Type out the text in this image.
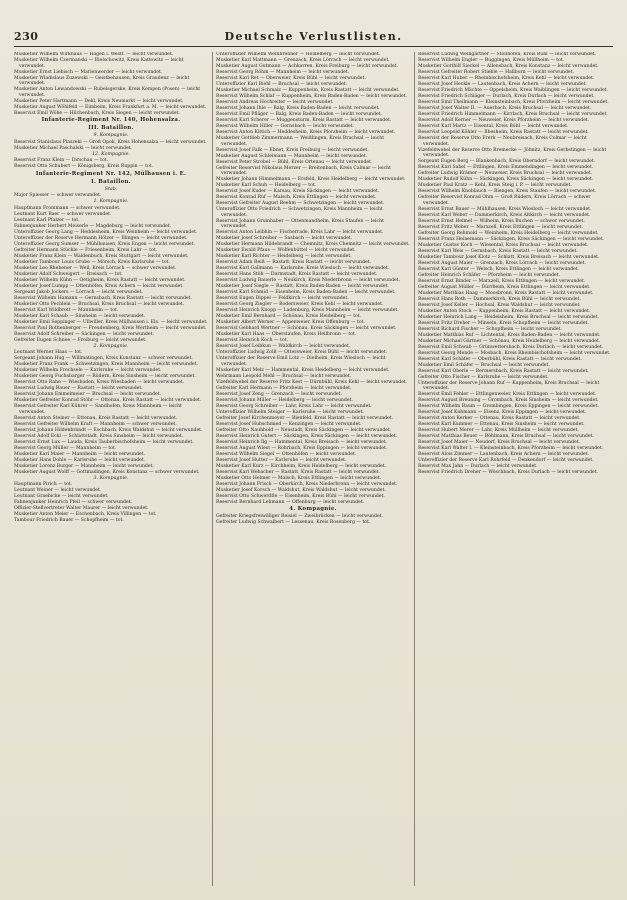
230	Deutsche Verlustlisten.
Musketier Wilhelm Wirkhaus — Hagen i. Westf. — leicht verwundet.
Musketier Wilhelm Czermanski — Bielschowitz, Kreis Kattowitz — leicht verwundet.
Musketier Ernst Liebisch — Marienwerder — leicht verwundet.
Musketier Wladislaus Zuzewski — Geistbehausen, Kreis Graudenz — leicht verwundet.
Musketier Anton Lewandowski — Rubelsgerske, Kreis Kempen (Posen) — leicht verwundet.
Musketier Peter Hartmann — Dekl, Kreis Neumarkt — leicht verwundet.
Musketier August Wöhlfeld — Eimbeim, Kreis Frankfurt a. M. — leicht verwundet.
Reservist Emil Wöhe — Hilchenbach, Kreis Siegen — leicht verwundet.
Infanterie-Regiment Nr. 140, Hohensalza.
III. Bataillon.
9. Kompagnie.
Reservist Stanislaus Plaszeki — Groß Opok, Kreis Hohensalza — leicht verwundet.
Musketier Michael Paschalski — leicht verwundet.
12. Kompagnie.
Reservist Franz Klein — Dirschau — tot.
Reservist Otto Schubert — Königsberg, Kreis Ruppin — tot.
Infanterie-Regiment Nr. 142, Mülhausen i. E.
I. Bataillon.
Stab.
Major Spiesser — schwer verwundet.
1. Kompagnie.
Hauptmann Frommann — schwer verwundet.
Leutnant Kurt Baer — schwer verwundet.
Leutnant Karl Pfalzer — tot.
Fahnenjunker Herbert Meiserle — Magdeburg — leicht verwundet.
Unteroffizier Georg Lang — Heddesheim, Kreis Weinheim — leicht verwundet.
Unteroffizier der Reserve Hermann Hölzer — Illingen — leicht verwundet.
Unteroffizier Georg Sumser — Mühlhausen, Kreis Engen — leicht verwundet.
Gefreiter Hermann Stückle — Friesenheim, Kreis Lahr — tot.
Musketier Franz Klein — Waldenbuch, Kreis Stuttgart — leicht verwundet.
Musketier Tambour Louis Grube — Mörsch, Kreis Karlsruhe — tot.
Musketier Leo Rhebener — Weil, Kreis Lörrach — schwer verwundet.
Musketier Adolf Schweigert — Breisach — tot.
Musketier Wilhelm Kühn — Oetigheim, Kreis Rastatt — leicht verwundet.
Musketier Josef Lumpp — Ottenhöfen, Kreis Achern — leicht verwundet.
Sergeant Jakob Jockers — Lörrach — leicht verwundet.
Reservist Wilhelm Hamann — Gernsbach, Kreis Rastatt — leicht verwundet.
Musketier Otto Pechlein — Bruchsal, Kreis Bruchsal — leicht verwundet.
Reservist Karl Wildbrett — Mannheim — tot.
Musketier Karl Schaub — Sinsheim — leicht verwundet.
Musketier Emil Seppinger — Ullwiller, Kreis Mülhausen i. Els. — leicht verwundet.
Reservist Paul Rothenberger — Freudenberg, Kreis Wertheim — leicht verwundet.
Reservist Adolf Schreiber — Säckingen — leicht verwundet.
Gefreiter Eugen Schnee — Freiburg — leicht verwundet.
2. Kompagnie.
Leutnant Werner Haas — tot.
Sergeant Johann Hug — Willmatingen, Kreis Konstanz — schwer verwundet.
Musketier Franz Frank — Schwetzingen, Kreis Mannheim — leicht verwundet.
Musketier Wilhelm Frechsele — Karlsruhe — leicht verwundet.
Musketier Georg Fuchsbarger — Rüdern, Kreis Sinsheim — leicht verwundet.
Reservist Otto Rahe — Wiesbaden, Kreis Wiesbaden — leicht verwundet.
Reservist Ludwig Bauer — Rastatt — leicht verwundet.
Reservist Johann Emmelmeier — Bruchsal — leicht verwundet.
Musketier Gefreiter Konrad Stöhr — Ottenau, Kreis Rastatt — leicht verwundet.
Reservist Gefreiter Karl Kührer — Sandhofen, Kreis Mannheim — leicht verwundet.
Reservist Anton Steiner — Ettenau, Kreis Rastatt — leicht verwundet.
Reservist Gefreiter Wilhelm Kraft — Mannheim — schwer verwundet.
Reservist Johann Hildenbrandt — Eschbach, Kreis Waldshut — leicht verwundet.
Reservist Adolf Eckl — Schlattstadt, Kreis Sinsheim — leicht verwundet.
Reservist Ernst Lux — Lauda, Kreis Tauberbischofsheim — leicht verwundet.
Reservist Georg Müller — Mannheim — tot.
Musketier Karl Maier — Mannheim — leicht verwundet.
Musketier Hans Dohle — Karlsruhe — leicht verwundet.
Musketier Lorenz Burger — Mannheim — leicht verwundet.
Musketier August Wolff — Gottmadingen, Kreis Konstanz — schwer verwundet.
3. Kompagnie.
Hauptmann Pirich — tot.
Leutnant Weiner — leicht verwundet.
Leutnant Graebicke — leicht verwundet.
Fahnenjunker Heinrich Pfeil — schwer verwundet.
Offizier-Stellvertreter Walter Maurer — leicht verwundet.
Musketier Anton Meier — Eschenbach, Kreis Villingen — tot.
Tambour Friedrich Bauer — Schopfheim — tot.
Unteroffizier Wilhelm Weinbrenner — Heidelberg — leicht verwundet.
Musketier Karl Mattmann — Grenzach, Kreis Lörrach — leicht verwundet.
Musketier August Gutmann — Achkarren, Kreis Freiburg — leicht verwundet.
Reservist Georg Röhm — Mannheim — leicht verwundet.
Reservist Karl Ret — Oberweier, Kreis Bühl — leicht verwundet.
Unteroffizier Karl Biehl — Bruchsal — leicht verwundet.
Musketier Michael Schmalz — Kuppenheim, Kreis Rastatt — leicht verwundet.
Reservist Wilhelm Schlaf — Kuppenheim, Kreis Baden-Baden — leicht verwundet.
Reservist Andreas Hochreiter — leicht verwundet.
Reservist Johann Ihle — Balg, Kreis Baden-Baden — leicht verwundet.
Reservist Emil Pfläger — Balg, Kreis Baden-Baden — leicht verwundet.
Reservist Karl Scherer — Muggensturm, Kreis Rastatt — leicht verwundet.
Reservist Wilhelm Hiller — Gernsbach — leicht verwundet.
Reservist Anton Kittich — Heddesheim, Kreis Pforzheim — leicht verwundet.
Musketier Gottlieb Zimmermann — Weißlingen, Kreis Bruchsal — leicht verwundet.
Reservist Josef Falk — Ebnet, Kreis Freiburg — leicht verwundet.
Musketier August Schleimann — Mannheim — leicht verwundet.
Reservist Peter Strobel — Bühl, Kreis Ortenau — leicht verwundet.
Gefreiter Reservist Nikolaus Merzer — Breitenbach, Kreis Calmar — leicht verwundet.
Musketier Johann Himmelmann — Ersfeld, Kreis Heidelberg — leicht verwundet.
Musketier Karl Schuh — Heidelberg — tot.
Reservist Josef Kuder — Karsau, Kreis Säckingen — leicht verwundet.
Reservist Konrad Ruf — Malsch, Kreis Ettlingen — leicht verwundet.
Reservist Gefreiter August Beehm — Schwetzingen — leicht verwundet.
Unteroffizier Otto Friedrich — Schwetzingen, Kreis Mannheim — leicht verwundet.
Reservist Johann Grumhaber — Ottenmandhelm, Kreis Staufen — leicht verwundet.
Reservist Anton Leibhin — Fischerrade, Kreis Lahr — leicht verwundet.
Musketier Josef Schreiber — Sasbach — leicht verwundet.
Musketier Hermann Hildebrandt — Chemnitz, Kreis Chemnitz — leicht verwundet.
Musketier Ewald Pfaus — Wolfenbüttel — leicht verwundet.
Musketier Karl Richter — Heidelberg — leicht verwundet.
Reservist Adam Reiß — Rastatt, Kreis Rastatt — leicht verwundet.
Reservist Karl Gallmann — Karlsruhe, Kreis Wiesloch — leicht verwundet.
Reservist Hans Stöh — Darmstadt, Kreis Rastatt — leicht verwundet.
Reservist Ludwig Bauerle — Neukirch, Kreis Niederbronn — leicht verwundet.
Musketier Josef Siegle — Rastatt, Kreis Baden-Baden — leicht verwundet.
Reservist Karl Schmid — Eisenheim, Kreis Baden-Baden — leicht verwundet.
Reservist Eugen Dippel — Feldkirch — leicht verwundet.
Reservist Georg Ziegler — Bodersweier, Kreis Kehl — leicht verwundet.
Reservist Heinrich Knopp — Ladenburg, Kreis Mannheim — leicht verwundet.
Musketier Emil Bernhard — Schönau, Kreis Heidelberg — tot.
Musketier Albert Werner — Appenweier, Kreis Offenburg — tot.
Reservist Gebhard Wertner — Schönau, Kreis Säckingen — leicht verwundet.
Musketier Karl Haas — Oberstaufen, Kreis Heilbronn — tot.
Reservist Heinrich Koch — tot.
Reservist Josef Leibkun — Waldkirch — leicht verwundet.
Unteroffizier Ludwig Zolß — Ottersweier, Kreis Bühl — leicht verwundet.
Unteroffizier der Reserve Emil Lotz — Dielheim, Kreis Wiesloch — leicht verwundet.
Musketier Karl Melz — Hammental, Kreis Heidelberg — leicht verwundet.
Wehrmann Leopold Mehl — Bruchsal — leicht verwundet.
Vizefeldwebel der Reserve Fritz Kest — Dürnbühl, Kreis Kehl — leicht verwundet.
Gefreiter Karl Hermann — Pforzheim — leicht verwundet.
Reservist Josef Zeng — Grenzach — leicht verwundet.
Reservist Johann Miller — Heidelberg — leicht verwundet.
Reservist Georg Schreiber — Lahr, Kreis Lahr — leicht verwundet.
Unteroffizier Wilhelm Steiger — Karlsruhe — leicht verwundet.
Gefreiter Josef Kirchenmeyer — Bienfeld, Kreis Rastatt — leicht verwundet.
Reservist Josef Hubschmied — Kenzingen — leicht verwundet.
Gefreiter Otto Nauhhold — Neustadt, Kreis Säckingen — leicht verwundet.
Reservist Heinrich Gutert — Säckingen, Kreis Säckingen — leicht verwundet.
Reservist Heinrich Ilg — Hammental, Kreis Breisach — leicht verwundet.
Reservist August Wiest — Rohrbach, Kreis Eppingen — leicht verwundet.
Reservist Wilhelm Siegel — Ottenhöfen — leicht verwundet.
Reservist Josef Hutter — Karlsruhe — leicht verwundet.
Musketier Karl Kurz — Kirchheim, Kreis Heidelberg — leicht verwundet.
Reservist Karl Webacher — Rastatt, Kreis Rastatt — leicht verwundet.
Musketier Otto Helmer — Malsch, Kreis Ettlingen — leicht verwundet.
Reservist Johann Frisch — Oberkirch, Kreis Niederbronn — leicht verwundet.
Musketier Josef Korsch — Waldshut, Kreis Waldshut — leicht verwundet.
Reservist Otto Schwerdtle — Eisenheim, Kreis Bühl — leicht verwundet.
Reservist Bernhard Lehmann — Offenburg — leicht verwundet.
4. Kompagnie.
Gefreiter Kriegsfreiwilliger Reisiel — Zweibrücken — leicht verwundet.
Gefreiter Ludwig Schwalbert — Lessenau, Kreis Rosenberg — tot.
Reservist Ludwig Weingärtner — Stollhofen, Kreis Bühl — leicht verwundet.
Reservist Wilhelm Engler — Buggingen, Kreis Müllheim — tot.
Musketier Gotthilf Sieckel — Allensbach, Kreis Konstanz — leicht verwundet.
Reservist Gefreiter Robert Stieble — Hallborn — leicht verwundet.
Reservist Karl Huber — Rheinbischofsheim, Kreis Kehl — leicht verwundet.
Reservist Josef Heckle — Lautenbach, Kreis Achern — leicht verwundet.
Reservist Friedrich Mächte — Oppelsheim, Kreis Waiblingen — leicht verwundet.
Reservist Friedrich Schläger — Durlach, Kreis Durlach — leicht verwundet.
Reservist Emil Theilmann — Kleinsteinbach, Kreis Pforzheim — leicht verwundet.
Reservist Josef Walter II. — Auerbach, Kreis Bruchsal — leicht verwundet.
Reservist Friedrich Himmelmann — Kirrlach, Kreis Bruchsal — leicht verwundet.
Reservist Adolf Kerner — Neuweier, Kreis Pforzheim — leicht verwundet.
Reservist Karl Martz — Eisental, Kreis Bühl — leicht verwundet.
Reservist Leopold Köhler — Ilbesheim, Kreis Rastatt — leicht verwundet.
Reservist der Reserve Otto Frerk — Neubreisach, Kreis Colmar — leicht verwundet.
Vizefeldwebel der Reserve Otto Bremecke — Jöhnitz, Kreis Gerbstingen — leicht verwundet.
Sergeant Eugen Berg — Blankenbach, Kreis Oberndorf — leicht verwundet.
Reservist Karl Sabel — Ettlingen, Kreis Emmendingen — leicht verwundet.
Gefreiter Ludwig Krämer — Neuweier, Kreis Bruchsal — leicht verwundet.
Musketier Rudolf Kühn — Säckingen, Kreis Säckingen — leicht verwundet.
Musketier Paul Kratz — Kehl, Kreis Steig i. P. — leicht verwundet.
Reservist Wilhelm Knoblauch — Biengen, Kreis Staufen — leicht verwundet.
Gefreiter Reservist Konrad Ohm — Groß Rüdern, Kreis Lörrach — schwer verwundet.
Reservist Ernst Bauer — Mühlhausen, Kreis Wiesloch — leicht verwundet.
Reservist Karl Weber — Dammerkirch, Kreis Altkirch — leicht verwundet.
Reservist Ernst Helmel — Wilheim, Kreis Buchen — schwer verwundet.
Reservist Fritz Weber — Marxzell, Kreis Ettlingen — leicht verwundet.
Gefreiter Georg Rehmold — Weinheim, Kreis Heidelberg — leicht verwundet.
Reservist Franz Heinemann — Säckingen, Kreis Säckingen — leicht verwundet.
Musketier Gustav Koch — Wiesental, Kreis Bruchsal — leicht verwundet.
Reservist Karl Weis — Gernsbach, Kreis Rastatt — leicht verwundet.
Musketier Tambour Josef Klotz — Schlatt, Kreis Breisach — leicht verwundet.
Reservist August Maier — Grenzach, Kreis Lörrach — leicht verwundet.
Reservist Karl Günter — Welsch, Kreis Ettlingen — leicht verwundet.
Gefreiter Heinrich Schäfer — Pforzheim — leicht verwundet.
Reservist Ernst Binder — Marxzell, Kreis Ettlingen — leicht verwundet.
Gefreiter August Müller — Dürrheim, Kreis Ettlingen — leicht verwundet.
Musketier Matthias Haag — Moosbronn, Kreis Rastatt — leicht verwundet.
Reservist Hans Roth — Dammerkirch, Kreis Bühl — leicht verwundet.
Reservist Josef Keller — Hochsal, Kreis Waldshut — leicht verwundet.
Musketier Anton Stock — Kuppenheim, Kreis Rastatt — leicht verwundet.
Musketier Heinrich Lang — Heidelsheim, Kreis Bruchsal — leicht verwundet.
Reservist Fritz Dreher — Minseln, Kreis Schopfheim — leicht verwundet.
Reservist Richard Fischer — Schopfheim — leicht verwundet.
Musketier Matthias Ruf — Lichtental, Kreis Baden-Baden — leicht verwundet.
Musketier Michael Gärtner — Schönau, Kreis Heidelberg — leicht verwundet.
Reservist Emil Schwab — Grünwettersbach, Kreis Durlach — leicht verwundet.
Reservist Georg Mende — Mosbach, Kreis Rheinbischofsheim — leicht verwundet.
Reservist Karl Schäfer — Oberbühl, Kreis Rastatt — leicht verwundet.
Musketier Emil Schäfer — Bruchsal — leicht verwundet.
Reservist Karl Oberle — Bermersbach, Kreis Rastatt — leicht verwundet.
Gefreiter Otto Fischer — Karlsruhe — leicht verwundet.
Unteroffizier der Reserve Johann Ruf — Kuppenheim, Kreis Bruchsal — leicht verwundet.
Reservist Emil Fehler — Ettlingenweier, Kreis Ettlingen — leicht verwundet.
Reservist August Breuning — Grombach, Kreis Sinsheim — leicht verwundet.
Reservist Wilhelm Baum — Grombingen, Kreis Eppingen — leicht verwundet.
Reservist Josef Kuhmann — Elsenz, Kreis Eppingen — leicht verwundet.
Reservist Anton Kerker — Ottenau, Kreis Rastatt — leicht verwundet.
Reservist Karl Kummer — Ettenau, Kreis Sinsheim — leicht verwundet.
Reservist Hubert Merer — Lahr, Kreis Müllheim — leicht verwundet.
Reservist Matthias Beuer — Böhlmann, Kreis Bruchsal — leicht verwundet.
Reservist Josef Maier — Neudorf, Kreis Bruchsal — leicht verwundet.
Reservist Karl Walter I. — Kleinsteinbach, Kreis Pforzheim — leicht verwundet.
Reservist Alois Zimmer — Lautenbach, Kreis Achern — leicht verwundet.
Unteroffizier der Reserve Karl Rohrfeld — Denkendorf — leicht verwundet.
Reservist Max Jahn — Durlach — leicht verwundet.
Reservist Friedrich Dreher — Wöschbach, Kreis Durlach — leicht verwundet.
